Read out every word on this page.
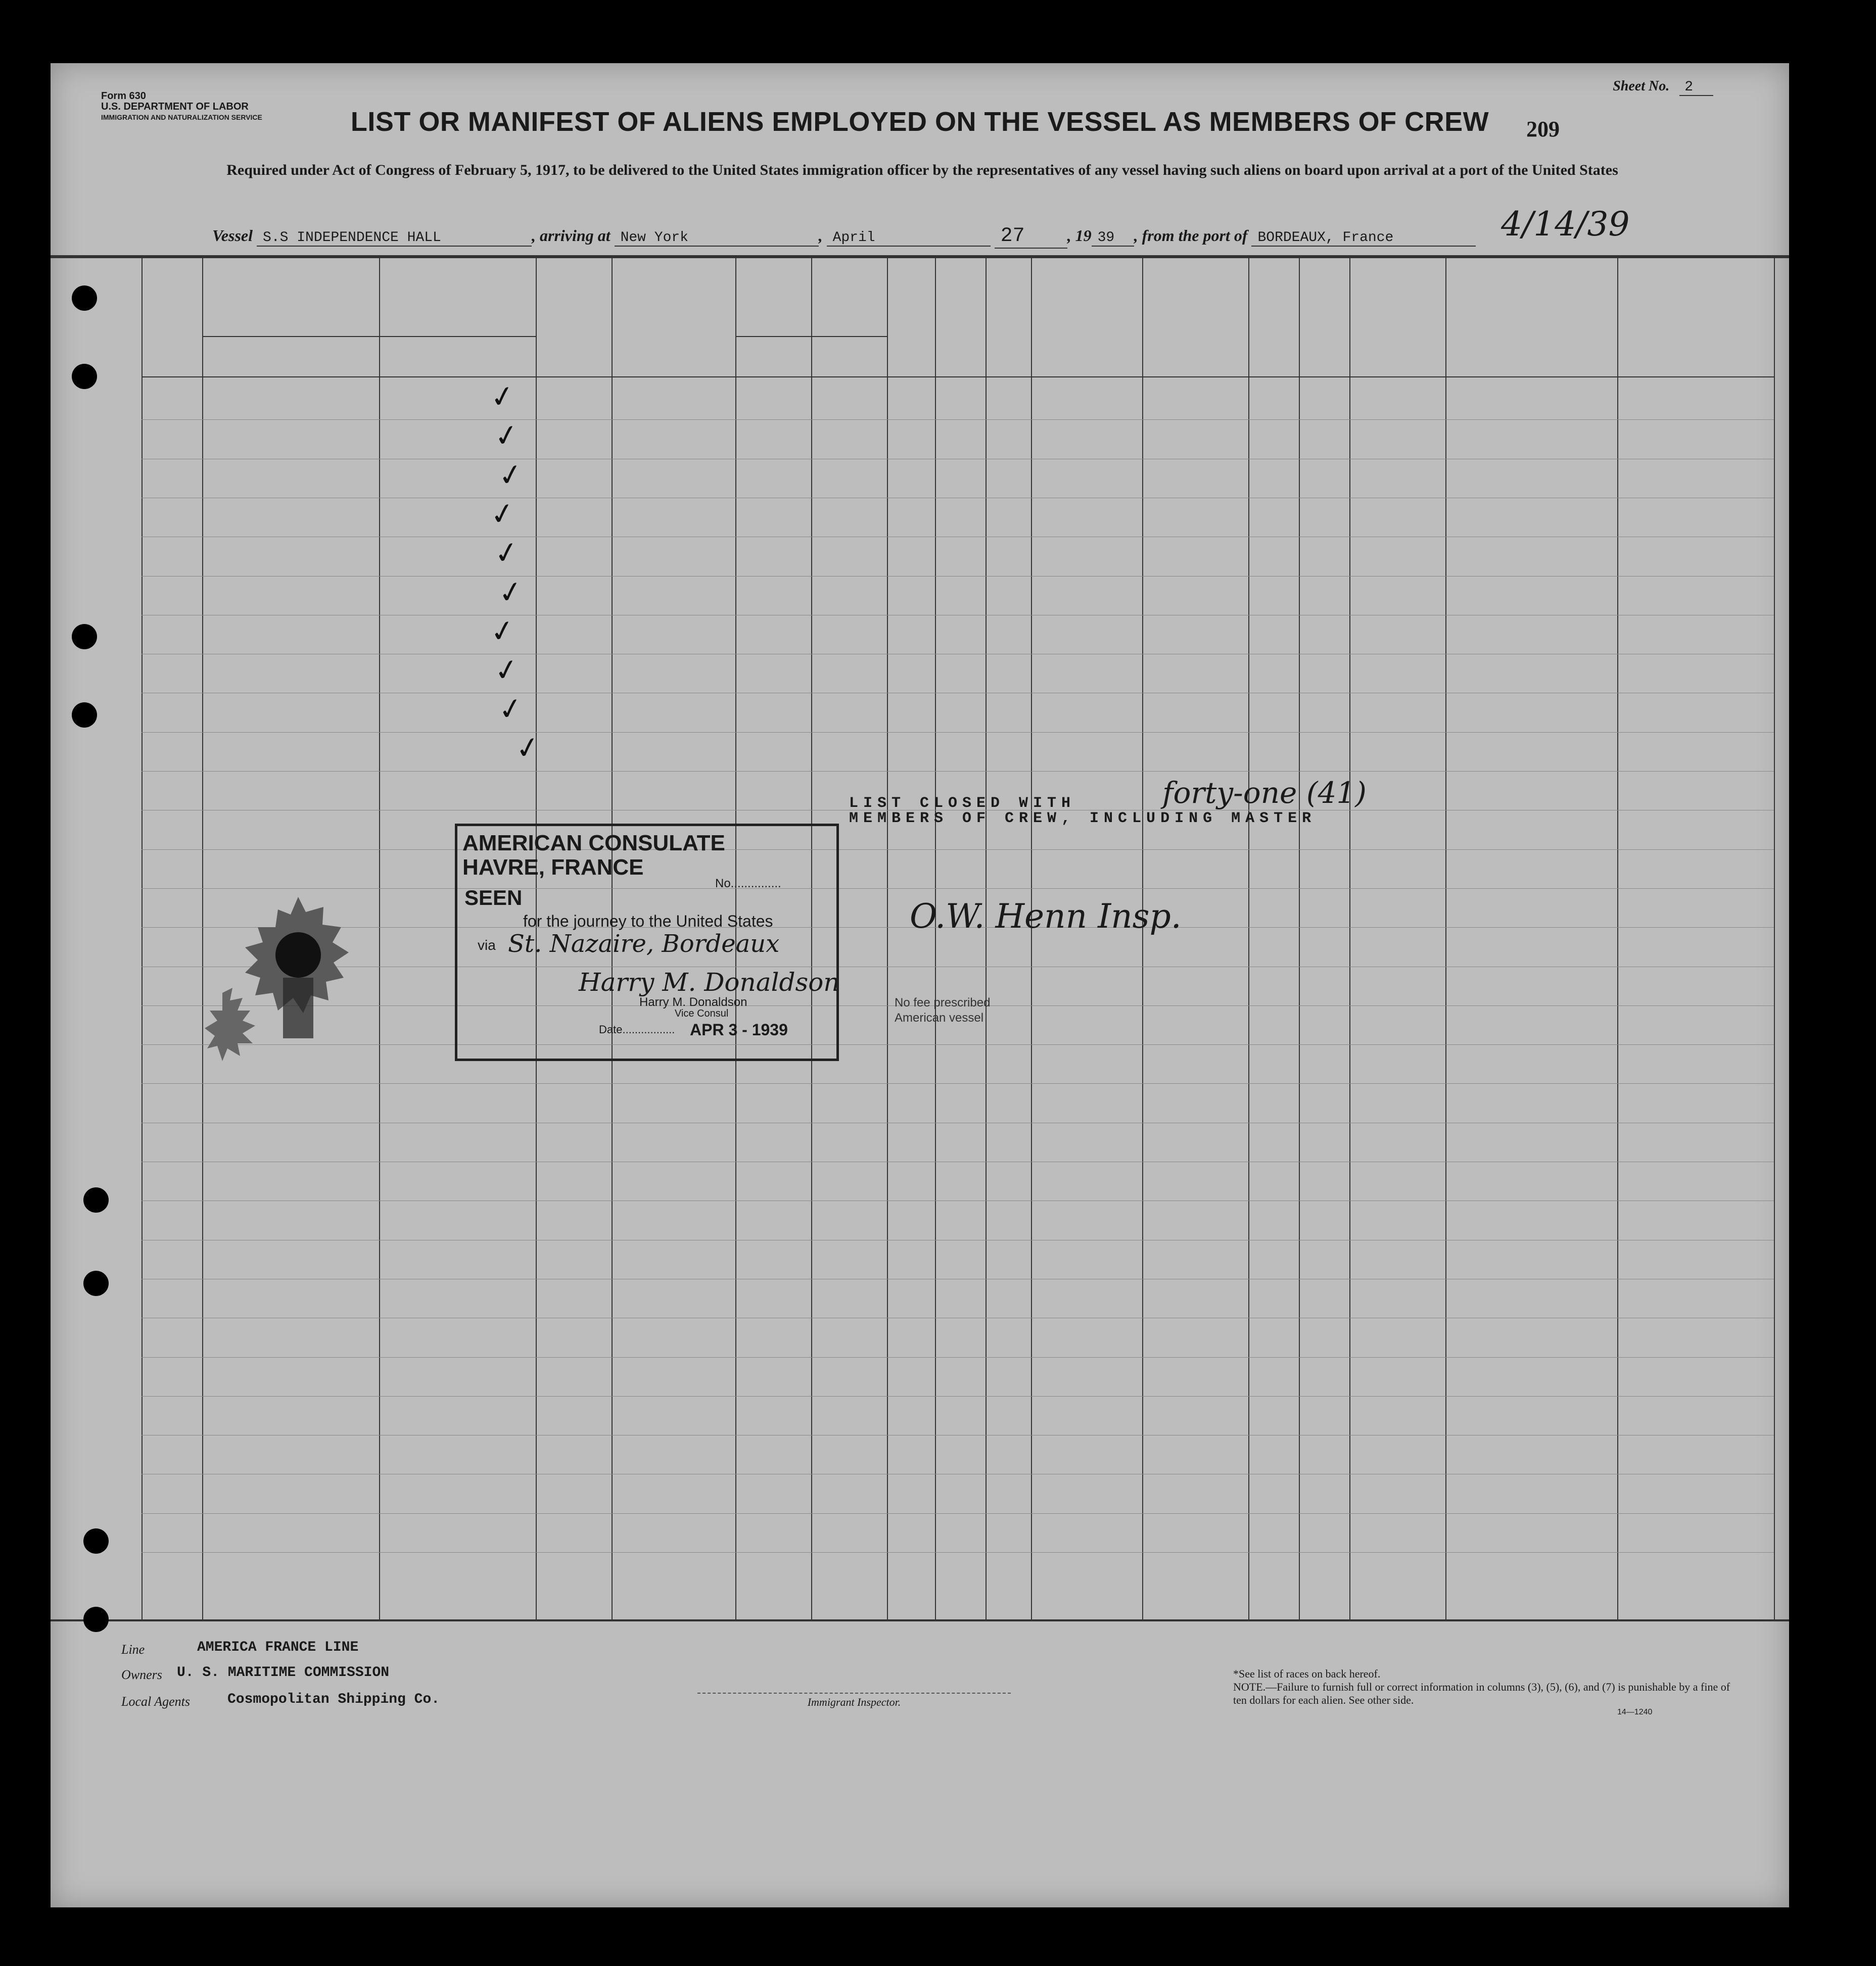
Form 630
U.S. DEPARTMENT OF LABOR
IMMIGRATION AND NATURALIZATION SERVICE
Sheet No. 2
LIST OR MANIFEST OF ALIENS EMPLOYED ON THE VESSEL AS MEMBERS OF CREW	209
Required under Act of Congress of February 5, 1917, to be delivered to the United States immigration officer by the representatives of any vessel having such aliens on board upon arrival at a port of the United States
Vessel S.S INDEPENDENCE HALL	, arriving at New York	, April	27	, 19 39 , from the port of BORDEAUX, France	4/14/39
✓
✓
✓
✓
✓
✓
✓
✓
✓
✓
LIST CLOSED WITH
MEMBERS OF CREW, INCLUDING MASTER
forty-one (41)
O.W. Henn Insp.
AMERICAN CONSULATE
HAVRE, FRANCE
No...............
SEEN
for the journey to the United States
via St. Nazaire, Bordeaux
Harry M. Donaldson
Harry M. Donaldson
Vice Consul
Date................. APR 3 - 1939
No fee prescribed
American vessel
Line	AMERICA FRANCE LINE
Owners U. S. MARITIME COMMISSION
Local Agents	Cosmopolitan Shipping Co.	Immigrant Inspector.
*See list of races on back hereof.
NOTE.—Failure to furnish full or correct information in columns (3), (5), (6), and (7) is punishable by a fine of ten dollars for each alien. See other side.
14—1240
